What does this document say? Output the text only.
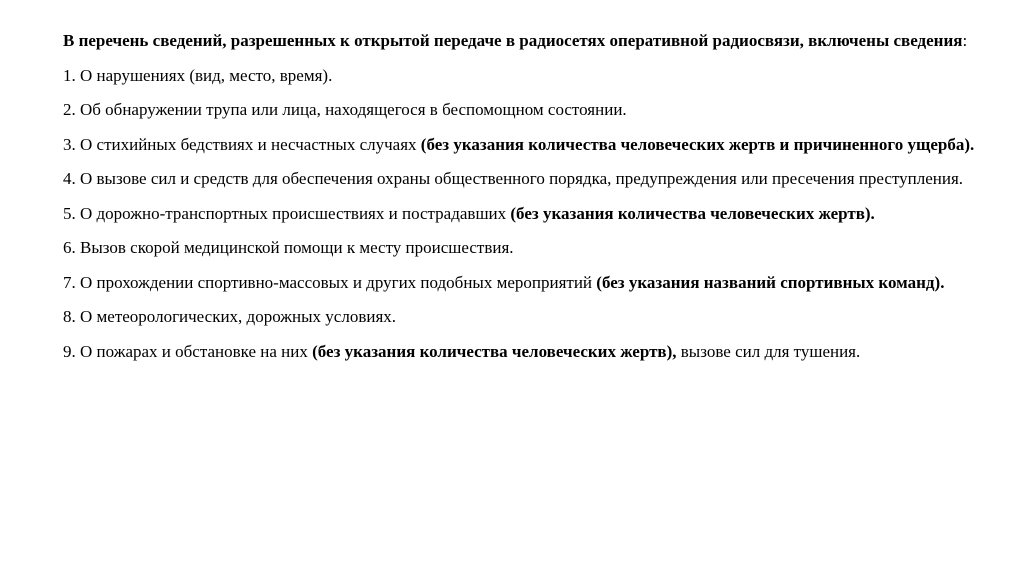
В перечень сведений, разрешенных к открытой передаче в радиосетях оперативной радиосвязи, включены сведения:

1. О нарушениях (вид, место, время).

2. Об обнаружении трупа или лица, находящегося в беспомощном состоянии.

3. О стихийных бедствиях и несчастных случаях (без указания количества человеческих жертв и причиненного ущерба).

4. О вызове сил и средств для обеспечения охраны общественного порядка, предупреждения или пресечения преступления.

5. О дорожно-транспортных происшествиях и пострадавших (без указания количества человеческих жертв).

6. Вызов скорой медицинской помощи к месту происшествия.

7. О прохождении спортивно-массовых и других подобных мероприятий (без указания названий спортивных команд).

8. О метеорологических, дорожных условиях.

9. О пожарах и обстановке на них (без указания количества человеческих жертв), вызове сил для тушения.
